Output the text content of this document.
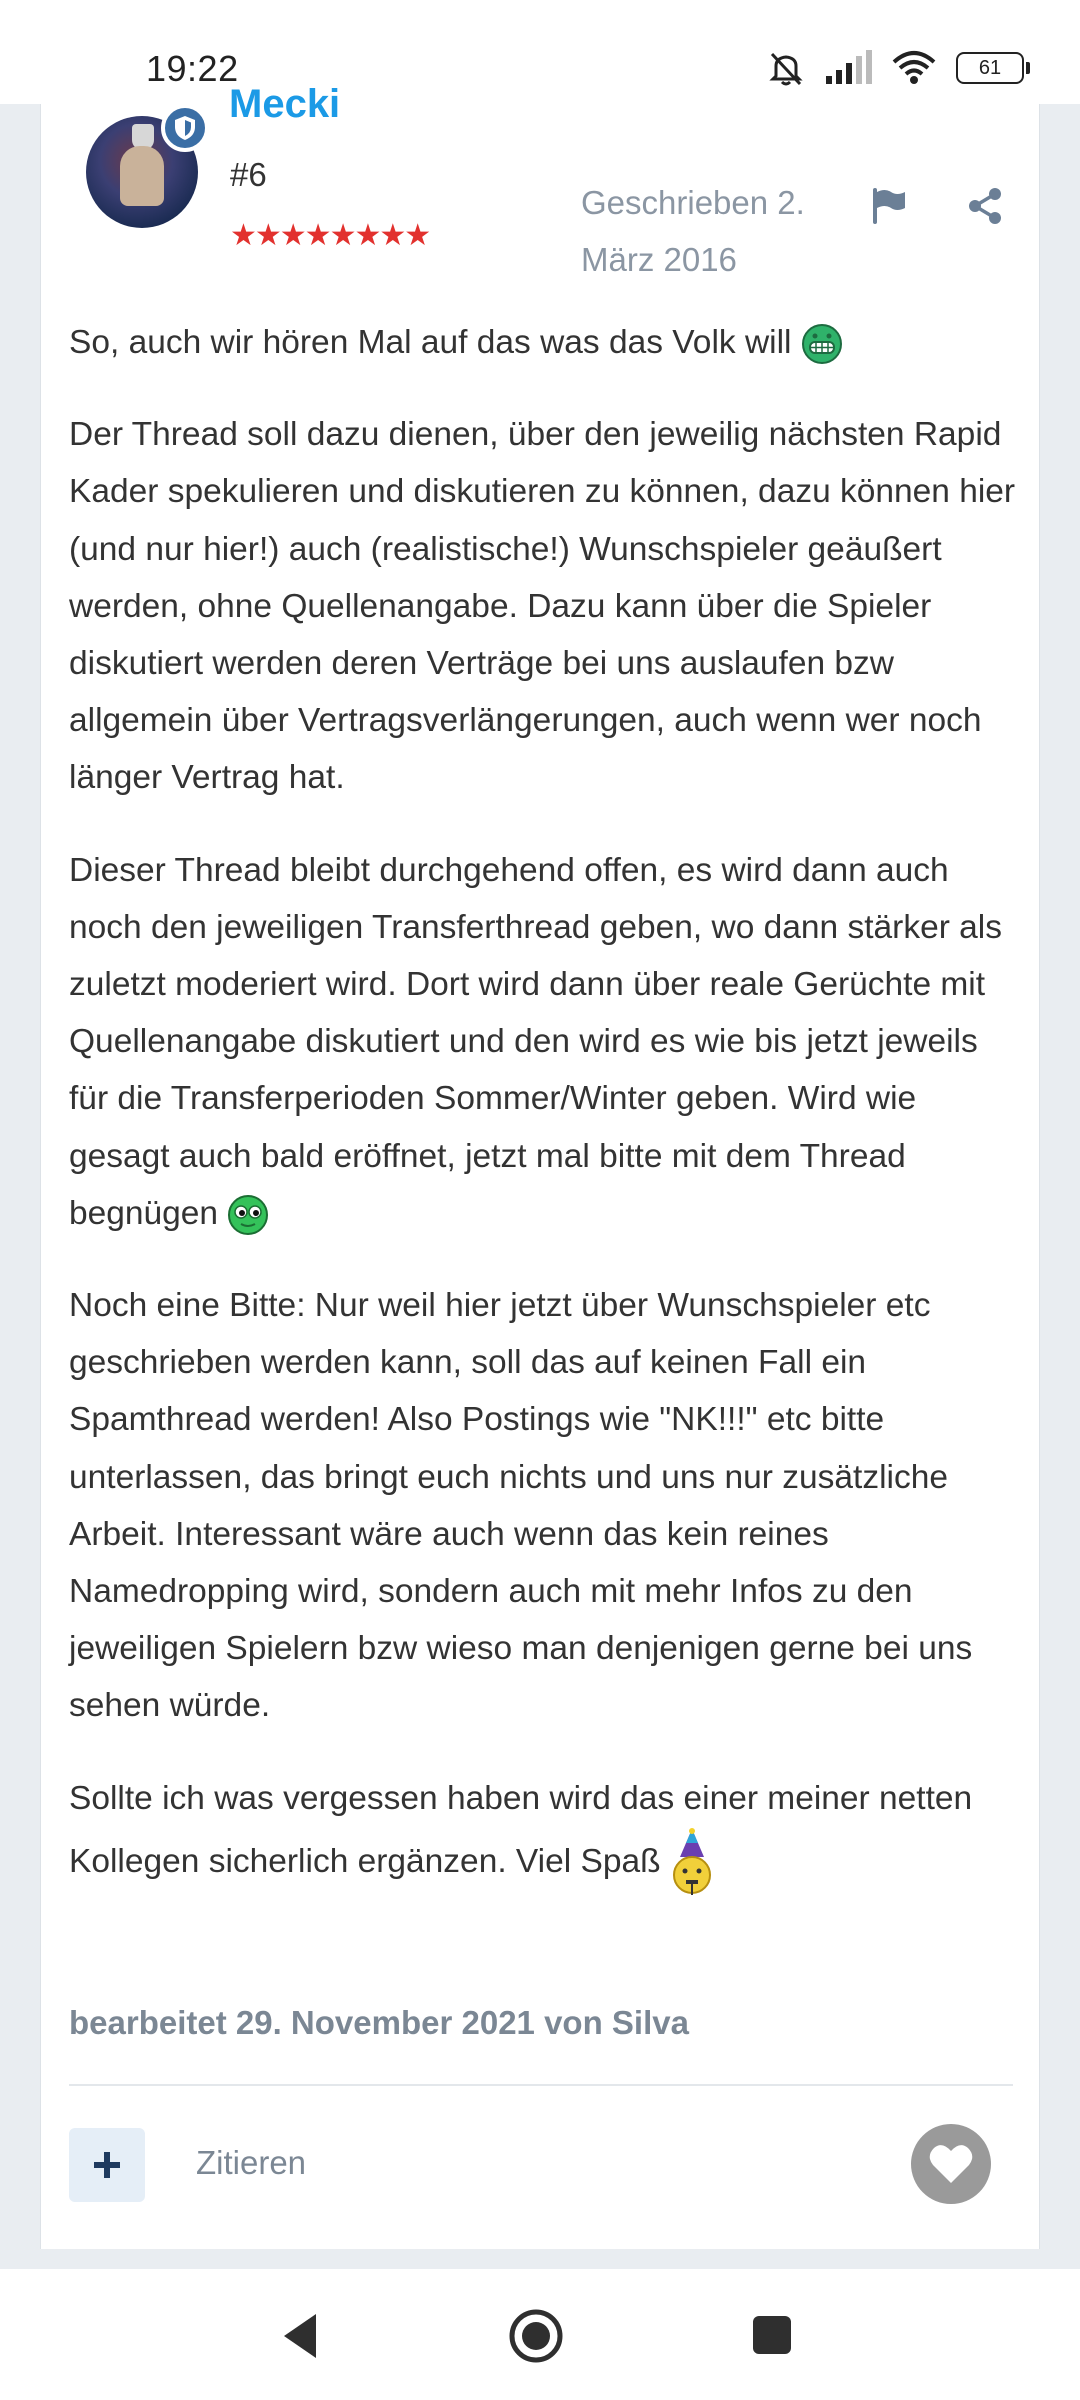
19:22	61
Mecki
#6
★★★★★★★★
Geschrieben 2. März 2016

So, auch wir hören Mal auf das was das Volk will

Der Thread soll dazu dienen, über den jeweilig nächsten Rapid Kader spekulieren und diskutieren zu können, dazu können hier (und nur hier!) auch (realistische!) Wunschspieler geäußert werden, ohne Quellenangabe. Dazu kann über die Spieler diskutiert werden deren Verträge bei uns auslaufen bzw allgemein über Vertragsverlängerungen, auch wenn wer noch länger Vertrag hat.

Dieser Thread bleibt durchgehend offen, es wird dann auch noch den jeweiligen Transferthread geben, wo dann stärker als zuletzt moderiert wird. Dort wird dann über reale Gerüchte mit Quellenangabe diskutiert und den wird es wie bis jetzt jeweils für die Transferperioden Sommer/Winter geben. Wird wie gesagt auch bald eröffnet, jetzt mal bitte mit dem Thread begnügen

Noch eine Bitte: Nur weil hier jetzt über Wunschspieler etc geschrieben werden kann, soll das auf keinen Fall ein Spamthread werden! Also Postings wie "NK!!!" etc bitte unterlassen, das bringt euch nichts und uns nur zusätzliche Arbeit. Interessant wäre auch wenn das kein reines Namedropping wird, sondern auch mit mehr Infos zu den jeweiligen Spielern bzw wieso man denjenigen gerne bei uns sehen würde.

Sollte ich was vergessen haben wird das einer meiner netten Kollegen sicherlich ergänzen. Viel Spaß

bearbeitet 29. November 2021 von Silva
Zitieren
